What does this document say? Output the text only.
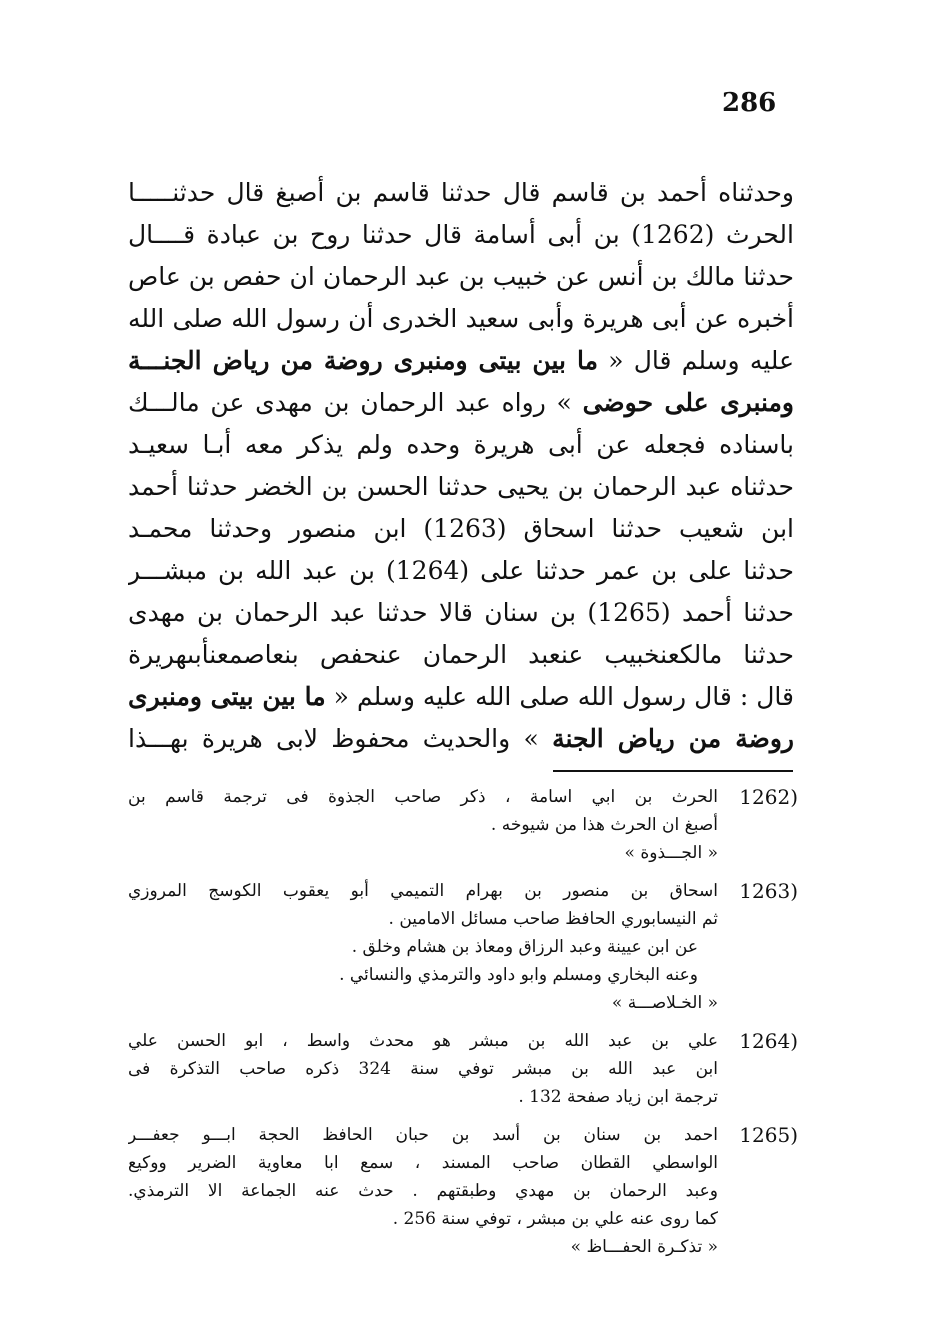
286
وحدثناه أحمد بن قاسم قال حدثنا قاسم بن أصبغ قال حدثنـــــا
الحرث (1262) بن أبى أسامة قال حدثنا روح بن عبادة قــــال
حدثنا مالك بن أنس عن خبيب بن عبد الرحمان ان حفص بن عاص
أخبره عن أبى هريرة وأبى سعيد الخدرى أن رسول الله صلى الله
عليه وسلم قال « ما بين بيتى ومنبرى روضة من رياض الجنـــة
ومنبرى على حوضى » رواه عبد الرحمان بن مهدى عن مالـــك
باسناده فجعله عن أبى هريرة وحده ولم يذكر معه أبـا سعيـد
حدثناه عبد الرحمان بن يحيى حدثنا الحسن بن الخضر حدثنا أحمد
ابن شعيب حدثنا اسحاق (1263) ابن منصور وحدثنا محمـد
حدثنا على بن عمر حدثنا على (1264) بن عبد الله بن مبشـــر
حدثنا أحمد (1265) بن سنان قالا حدثنا عبد الرحمان بن مهدى
حدثنا مالكعنخبيب عنعبد الرحمان عنحفص بنعاصمعنأبىهريرة
قال : قال رسول الله صلى الله عليه وسلم « ما بين بيتى ومنبرى
روضة من رياض الجنة » والحديث محفوظ لابى هريرة بهـــذا
1262)
الحرث بن ابي اسامة ، ذكر صاحب الجذوة فى ترجمة قاسم بن
أصبغ ان الحرث هذا من شيوخه .
« الجـــذوة »
1263)
اسحاق بن منصور بن بهرام التميمي أبو يعقوب الكوسج المروزي
ثم النيسابوري الحافظ صاحب مسائل الامامين .
عن ابن عيينة وعبد الرزاق ومعاذ بن هشام وخلق .
وعنه البخاري ومسلم وابو داود والترمذي والنسائي .
« الخـلاصـــة »
1264)
علي بن عبد الله بن مبشر هو محدث واسط ، ابو الحسن علي
ابن عبد الله بن مبشر توفي سنة 324 ذكره صاحب التذكرة فى
ترجمة ابن زياد صفحة 132 .
1265)
احمد بن سنان بن أسد بن حبان الحافظ الحجة ابـــو جعفـــر
الواسطي القطان صاحب المسند ، سمع ابا معاوية الضرير ووكيع
وعبد الرحمان بن مهدي وطبقتهم . حدث عنه الجماعة الا الترمذي.
كما روى عنه علي بن مبشر ، توفي سنة 256 .
« تذكـرة الحفـــاظ »
